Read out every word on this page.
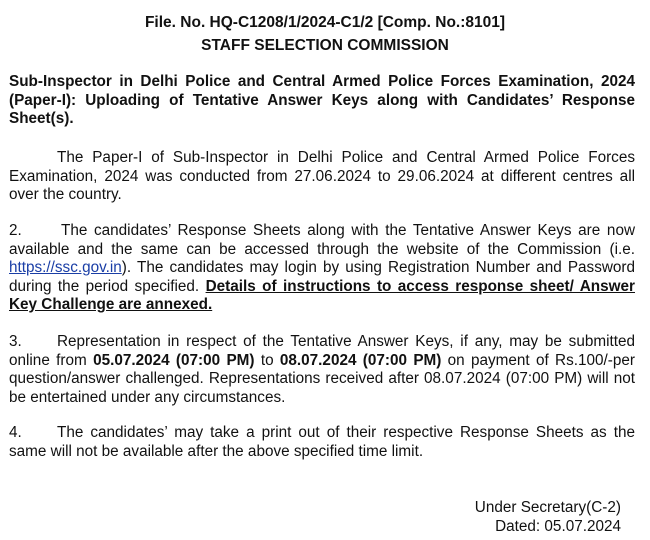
File. No. HQ-C1208/1/2024-C1/2 [Comp. No.:8101]
STAFF SELECTION COMMISSION
Sub-Inspector in Delhi Police and Central Armed Police Forces Examination, 2024 (Paper-I): Uploading of Tentative Answer Keys along with Candidates’ Response Sheet(s).
The Paper-I of Sub-Inspector in Delhi Police and Central Armed Police Forces Examination, 2024 was conducted from 27.06.2024 to 29.06.2024 at different centres all over the country.
2.	The candidates’ Response Sheets along with the Tentative Answer Keys are now available and the same can be accessed through the website of the Commission (i.e. https://ssc.gov.in). The candidates may login by using Registration Number and Password during the period specified. Details of instructions to access response sheet/ Answer Key Challenge are annexed.
3. Representation in respect of the Tentative Answer Keys, if any, may be submitted online from 05.07.2024 (07:00 PM) to 08.07.2024 (07:00 PM) on payment of Rs.100/-per question/answer challenged. Representations received after 08.07.2024 (07:00 PM) will not be entertained under any circumstances.
4. The candidates’ may take a print out of their respective Response Sheets as the same will not be available after the above specified time limit.
Under Secretary(C-2)
Dated: 05.07.2024
